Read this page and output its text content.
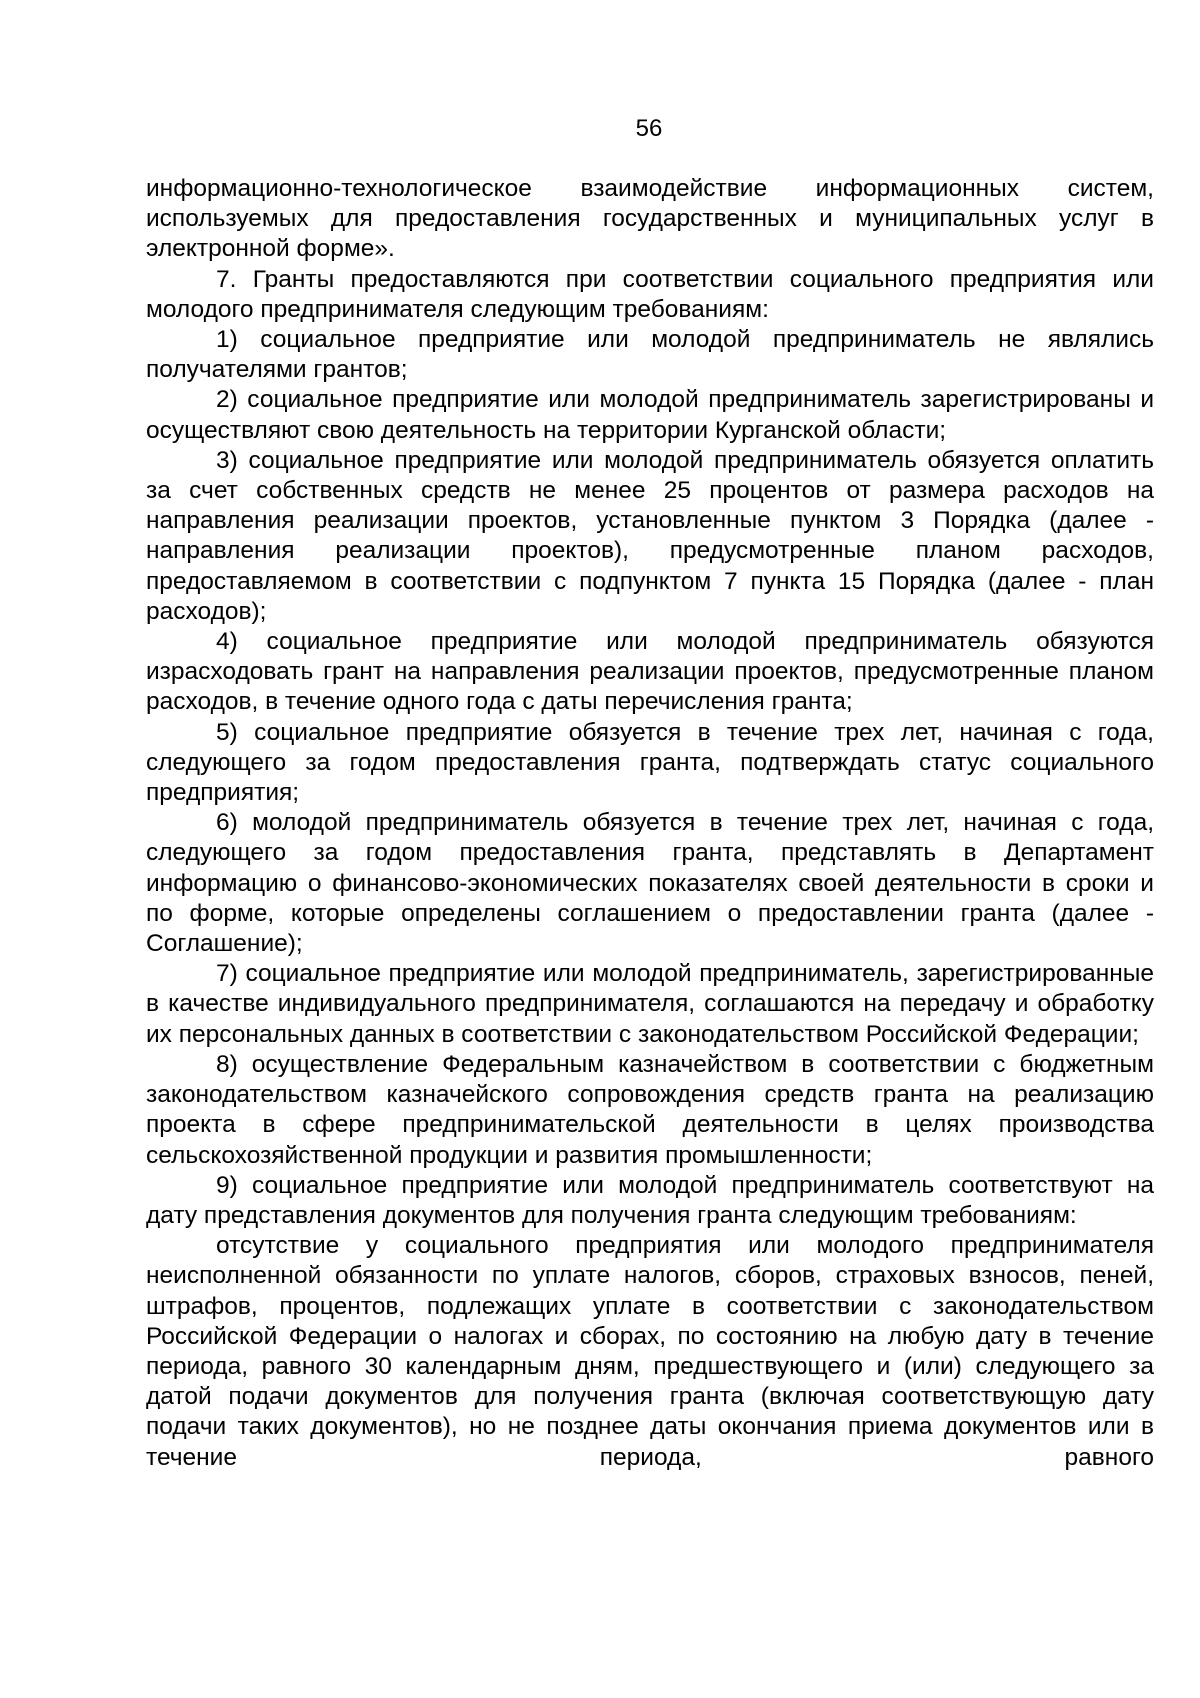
56

информационно-технологическое взаимодействие информационных систем, используемых для предоставления государственных и муниципальных услуг в электронной форме».

7. Гранты предоставляются при соответствии социального предприятия или молодого предпринимателя следующим требованиям:

1) социальное предприятие или молодой предприниматель не являлись получателями грантов;

2) социальное предприятие или молодой предприниматель зарегистрированы и осуществляют свою деятельность на территории Курганской области;

3) социальное предприятие или молодой предприниматель обязуется оплатить за счет собственных средств не менее 25 процентов от размера расходов на направления реализации проектов, установленные пунктом 3 Порядка (далее - направления реализации проектов), предусмотренные планом расходов, предоставляемом в соответствии с подпунктом 7 пункта 15 Порядка (далее - план расходов);

4) социальное предприятие или молодой предприниматель обязуются израсходовать грант на направления реализации проектов, предусмотренные планом расходов, в течение одного года с даты перечисления гранта;

5) социальное предприятие обязуется в течение трех лет, начиная с года, следующего за годом предоставления гранта, подтверждать статус социального предприятия;

6) молодой предприниматель обязуется в течение трех лет, начиная с года, следующего за годом предоставления гранта, представлять в Департамент информацию о финансово-экономических показателях своей деятельности в сроки и по форме, которые определены соглашением о предоставлении гранта (далее - Соглашение);

7) социальное предприятие или молодой предприниматель, зарегистрированные в качестве индивидуального предпринимателя, соглашаются на передачу и обработку их персональных данных в соответствии с законодательством Российской Федерации;

8) осуществление Федеральным казначейством в соответствии с бюджетным законодательством казначейского сопровождения средств гранта на реализацию проекта в сфере предпринимательской деятельности в целях производства сельскохозяйственной продукции и развития промышленности;

9) социальное предприятие или молодой предприниматель соответствуют на дату представления документов для получения гранта следующим требованиям:

отсутствие у социального предприятия или молодого предпринимателя неисполненной обязанности по уплате налогов, сборов, страховых взносов, пеней, штрафов, процентов, подлежащих уплате в соответствии с законодательством Российской Федерации о налогах и сборах, по состоянию на любую дату в течение периода, равного 30 календарным дням, предшествующего и (или) следующего за датой подачи документов для получения гранта (включая соответствующую дату подачи таких документов), но не позднее даты окончания приема документов или в течение периода, равного
